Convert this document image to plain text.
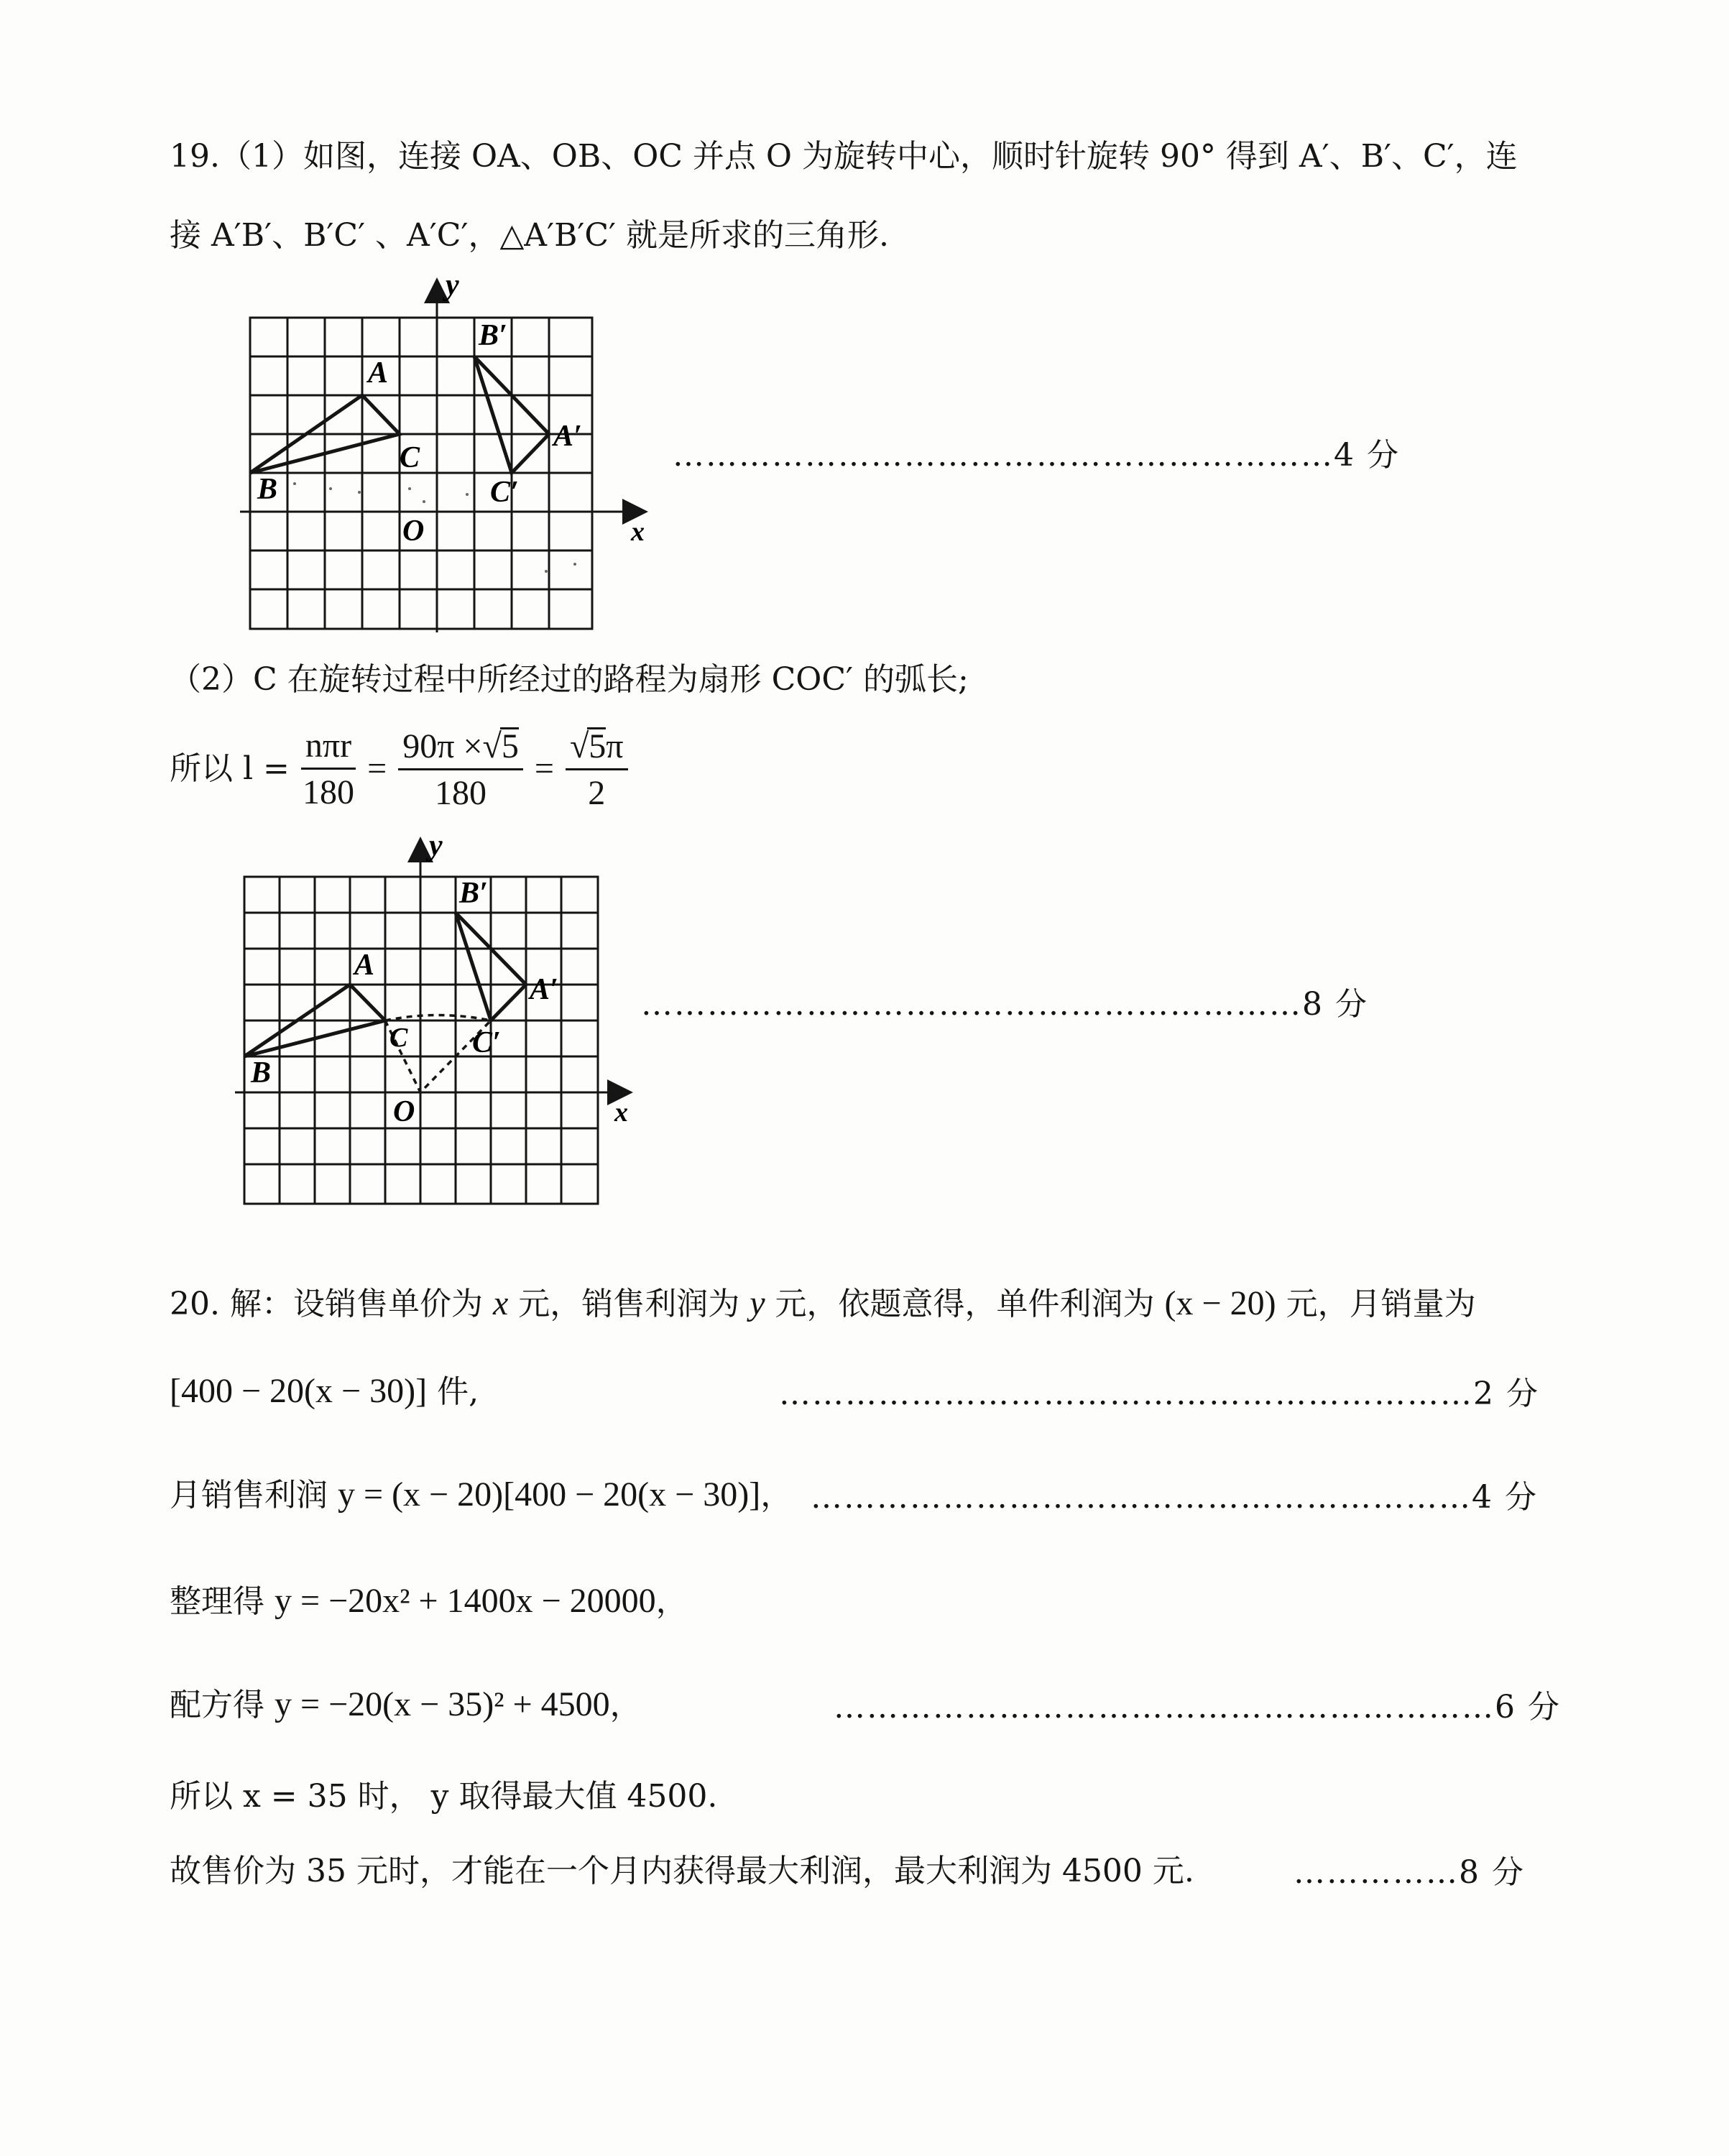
19.（1）如图，连接 OA、OB、OC 并点 O 为旋转中心，顺时针旋转 90° 得到 A′、B′、C′，连
接 A′B′、B′C′ 、A′C′，△A′B′C′ 就是所求的三角形.
y
x
O
A
B
C
A′
B′
C′
……………………………………………………4 分
（2）C 在旋转过程中所经过的路程为扇形 COC′ 的弧长;
所以 $l = \frac{\text{nπr}}{180} = \frac{90\pi \times√5}{180} = \frac{√5\pi}{2}$
y
x
O
A
B
C
A′
B′
C′
……………………………………………………8 分
20. 解：设销售单价为 x 元，销售利润为 y 元，依题意得，单件利润为 (x − 20) 元，月销量为
[400 − 20(x − 30)] 件,	………………………………………………………2 分
月销售利润 y = (x − 20)[400 − 20(x − 30)]， ……………………………………………………4 分
整理得 y = −20x² + 1400x − 20000，
配方得 y = −20(x − 35)² + 4500，	……………………………………………………6 分
所以 x = 35 时， y 取得最大值 4500.
故售价为 35 元时，才能在一个月内获得最大利润，最大利润为 4500 元.	……………8 分
